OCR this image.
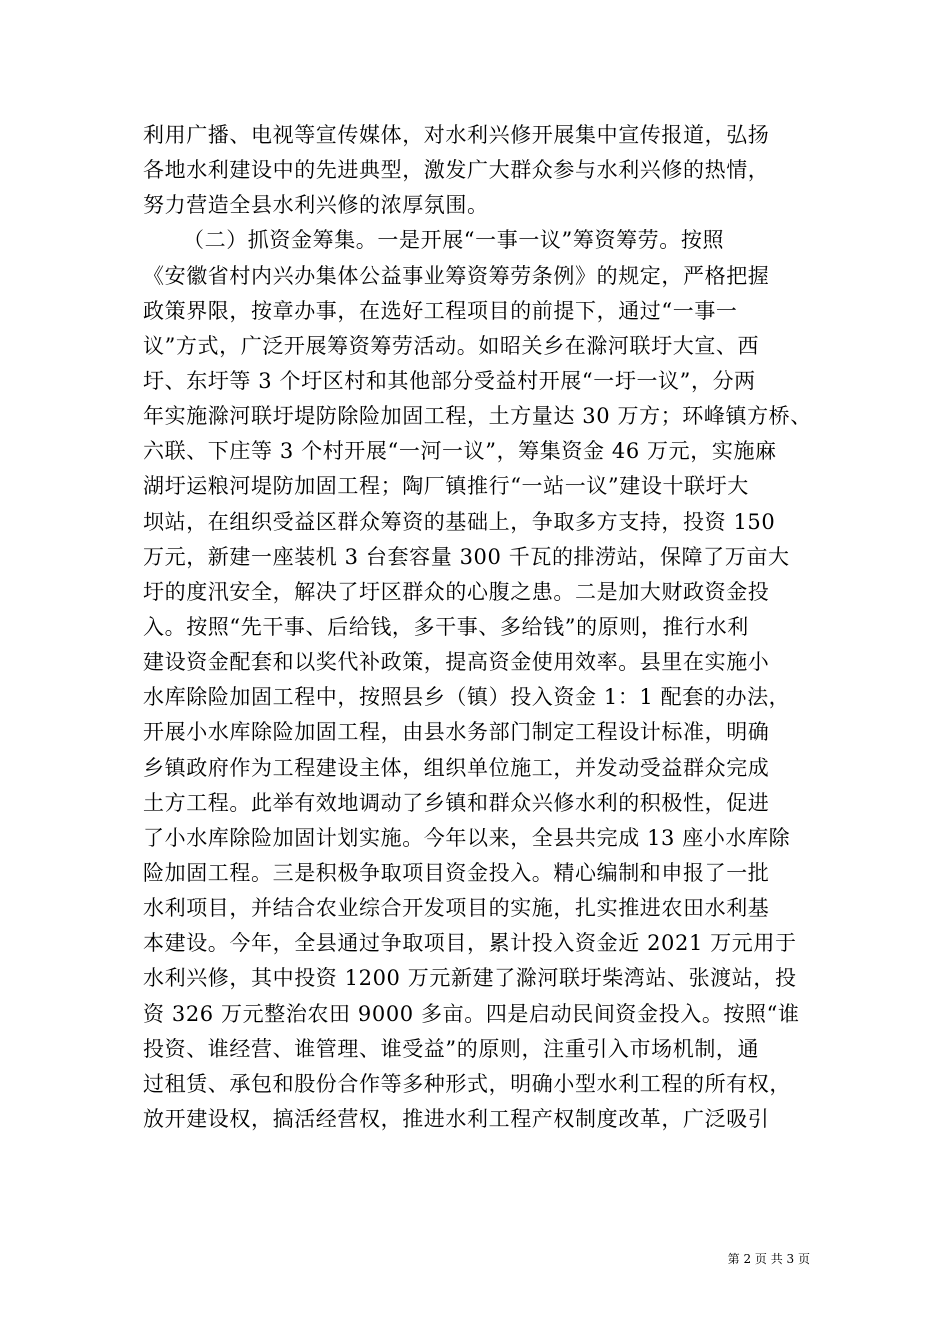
利用广播、电视等宣传媒体，对水利兴修开展集中宣传报道，弘扬
各地水利建设中的先进典型，激发广大群众参与水利兴修的热情，
努力营造全县水利兴修的浓厚氛围。
（二）抓资金筹集。一是开展“一事一议”筹资筹劳。按照
《安徽省村内兴办集体公益事业筹资筹劳条例》的规定，严格把握
政策界限，按章办事，在选好工程项目的前提下，通过“一事一
议”方式，广泛开展筹资筹劳活动。如昭关乡在滁河联圩大宣、西
圩、东圩等 3 个圩区村和其他部分受益村开展“一圩一议”，分两
年实施滁河联圩堤防除险加固工程，土方量达 30 万方；环峰镇方桥、
六联、下庄等 3 个村开展“一河一议”，筹集资金 46 万元，实施麻
湖圩运粮河堤防加固工程；陶厂镇推行“一站一议”建设十联圩大
坝站，在组织受益区群众筹资的基础上，争取多方支持，投资 150
万元，新建一座装机 3 台套容量 300 千瓦的排涝站，保障了万亩大
圩的度汛安全，解决了圩区群众的心腹之患。二是加大财政资金投
入。按照“先干事、后给钱，多干事、多给钱”的原则，推行水利
建设资金配套和以奖代补政策，提高资金使用效率。县里在实施小
水库除险加固工程中，按照县乡（镇）投入资金 1：1 配套的办法，
开展小水库除险加固工程，由县水务部门制定工程设计标准，明确
乡镇政府作为工程建设主体，组织单位施工，并发动受益群众完成
土方工程。此举有效地调动了乡镇和群众兴修水利的积极性，促进
了小水库除险加固计划实施。今年以来，全县共完成 13 座小水库除
险加固工程。三是积极争取项目资金投入。精心编制和申报了一批
水利项目，并结合农业综合开发项目的实施，扎实推进农田水利基
本建设。今年，全县通过争取项目，累计投入资金近 2021 万元用于
水利兴修，其中投资 1200 万元新建了滁河联圩柴湾站、张渡站，投
资 326 万元整治农田 9000 多亩。四是启动民间资金投入。按照“谁
投资、谁经营、谁管理、谁受益”的原则，注重引入市场机制，通
过租赁、承包和股份合作等多种形式，明确小型水利工程的所有权，
放开建设权，搞活经营权，推进水利工程产权制度改革，广泛吸引
第 2 页 共 3 页
